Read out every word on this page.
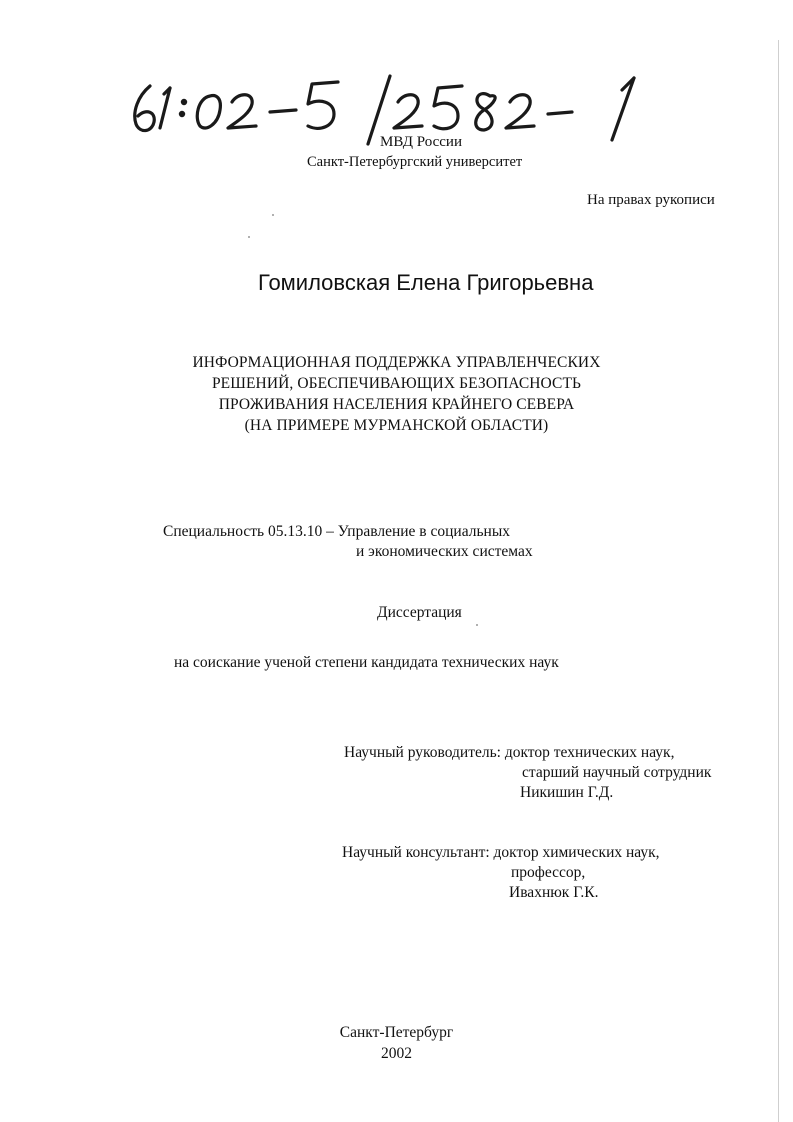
МВД России
Санкт-Петербургский университет
На правах рукописи
Гомиловская Елена Григорьевна
ИНФОРМАЦИОННАЯ ПОДДЕРЖКА УПРАВЛЕНЧЕСКИХ
РЕШЕНИЙ, ОБЕСПЕЧИВАЮЩИХ БЕЗОПАСНОСТЬ
ПРОЖИВАНИЯ НАСЕЛЕНИЯ КРАЙНЕГО СЕВЕРА
(НА ПРИМЕРЕ МУРМАНСКОЙ ОБЛАСТИ)
Специальность 05.13.10 – Управление в социальных
и экономических системах
Диссертация
на соискание ученой степени кандидата технических наук
Научный руководитель: доктор технических наук,
старший научный сотрудник
Никишин Г.Д.
Научный консультант: доктор химических наук,
профессор,
Ивахнюк Г.К.
Санкт-Петербург
2002
